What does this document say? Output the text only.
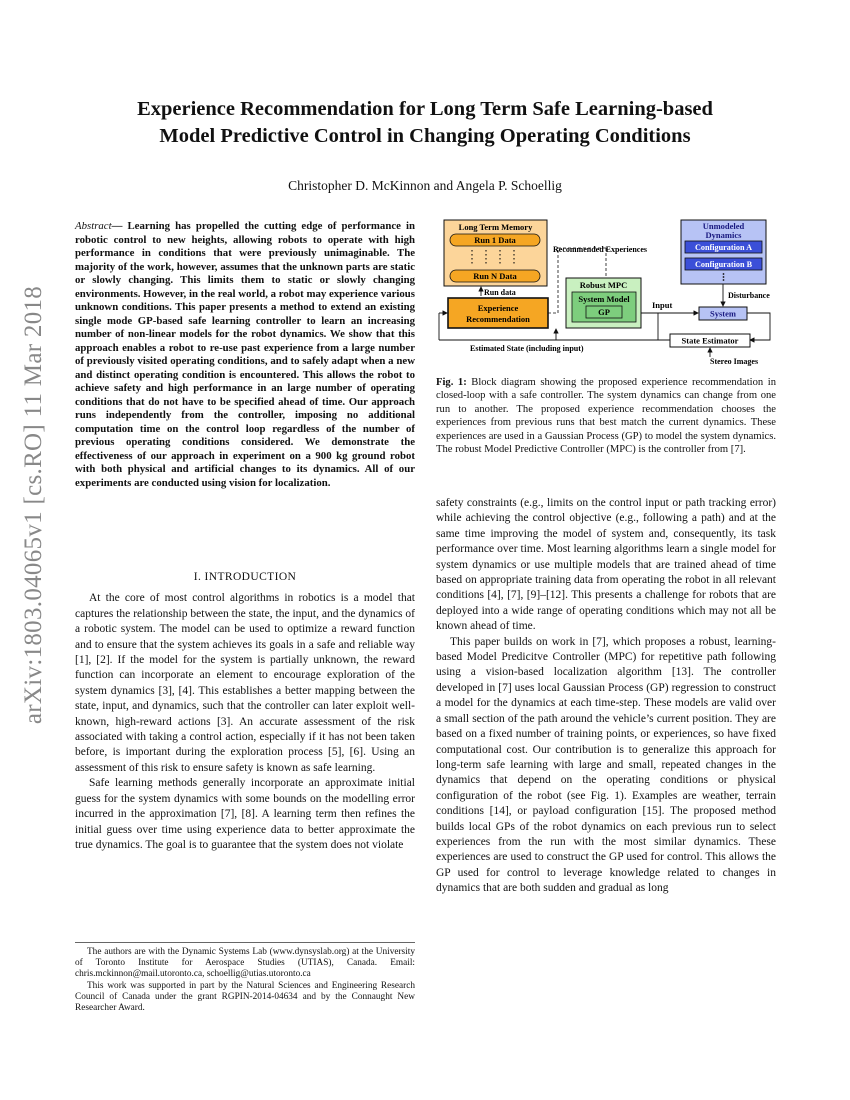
arXiv:1803.04065v1 [cs.RO] 11 Mar 2018
Experience Recommendation for Long Term Safe Learning-based
Model Predictive Control in Changing Operating Conditions
Christopher D. McKinnon and Angela P. Schoellig
Abstract— Learning has propelled the cutting edge of performance in robotic control to new heights, allowing robots to operate with high performance in conditions that were previously unimaginable. The majority of the work, however, assumes that the unknown parts are static or slowly changing. This limits them to static or slowly changing environments. However, in the real world, a robot may experience various unknown conditions. This paper presents a method to extend an existing single mode GP-based safe learning controller to learn an increasing number of non-linear models for the robot dynamics. We show that this approach enables a robot to re-use past experience from a large number of previously visited operating conditions, and to safely adapt when a new and distinct operating condition is encountered. This allows the robot to achieve safety and high performance in an large number of operating conditions that do not have to be specified ahead of time. Our approach runs independently from the controller, imposing no additional computation time on the control loop regardless of the number of previous operating conditions considered. We demonstrate the effectiveness of our approach in experiment on a 900 kg ground robot with both physical and artificial changes to its dynamics. All of our experiments are conducted using vision for localization.
I. INTRODUCTION

At the core of most control algorithms in robotics is a model that captures the relationship between the state, the input, and the dynamics of a robotic system. The model can be used to optimize a reward function and to ensure that the system achieves its goals in a safe and reliable way [1], [2]. If the model for the system is partially unknown, the reward function can incorporate an element to encourage exploration of the system dynamics [3], [4]. This establishes a better mapping between the state, input, and dynamics, such that the controller can later exploit well-known, high-reward actions [3]. An accurate assessment of the risk associated with taking a control action, especially if it has not been taken before, is important during the exploration process [5], [6]. Using an assessment of this risk to ensure safety is known as safe learning.

Safe learning methods generally incorporate an approximate initial guess for the system dynamics with some bounds on the modelling error incurred in the approximation [7], [8]. A learning term then refines the initial guess over time using experience data to better approximate the true dynamics. The goal is to guarantee that the system does not violate

The authors are with the Dynamic Systems Lab (www.dynsyslab.org) at the University of Toronto Institute for Aerospace Studies (UTIAS), Canada. Email: chris.mckinnon@mail.utoronto.ca, schoellig@utias.utoronto.ca
This work was supported in part by the Natural Sciences and Engineering Research Council of Canada under the grant RGPIN-2014-04634 and by the Connaught New Researcher Award.
Long Term Memory
Run 1 Data
Run N Data
Run data
Experience
Recommendation
Recommended Experiences
Robust MPC
System Model
GP
Input
Unmodeled
Dynamics
Configuration A
Configuration B
Disturbance
System
State Estimator
Estimated State (including input)
Stereo Images
Fig. 1: Block diagram showing the proposed experience recommendation in closed-loop with a safe controller. The system dynamics can change from one run to another. The proposed experience recommendation chooses the experiences from previous runs that best match the current dynamics. These experiences are used in a Gaussian Process (GP) to model the system dynamics. The robust Model Predictive Controller (MPC) is the controller from [7].

safety constraints (e.g., limits on the control input or path tracking error) while achieving the control objective (e.g., following a path) and at the same time improving the model of system and, consequently, its task performance over time. Most learning algorithms learn a single model for system dynamics or use multiple models that are trained ahead of time based on appropriate training data from operating the robot in all relevant conditions [4], [7], [9]–[12]. This presents a challenge for robots that are deployed into a wide range of operating conditions which may not all be known ahead of time.

This paper builds on work in [7], which proposes a robust, learning-based Model Predicitve Controller (MPC) for repetitive path following using a vision-based localization algorithm [13]. The controller developed in [7] uses local Gaussian Process (GP) regression to construct a model for the dynamics at each time-step. These models are valid over a small section of the path around the vehicle’s current position. They are based on a fixed number of training points, or experiences, so have fixed computational cost. Our contribution is to generalize this approach for long-term safe learning with large and small, repeated changes in the dynamics that depend on the operating conditions or physical configuration of the robot (see Fig. 1). Examples are weather, terrain conditions [14], or payload configuration [15]. The proposed method builds local GPs of the robot dynamics on each previous run to select experiences from the run with the most similar dynamics. These experiences are used to construct the GP used for control. This allows the GP used for control to leverage knowledge related to changes in dynamics that are both sudden and gradual as long
